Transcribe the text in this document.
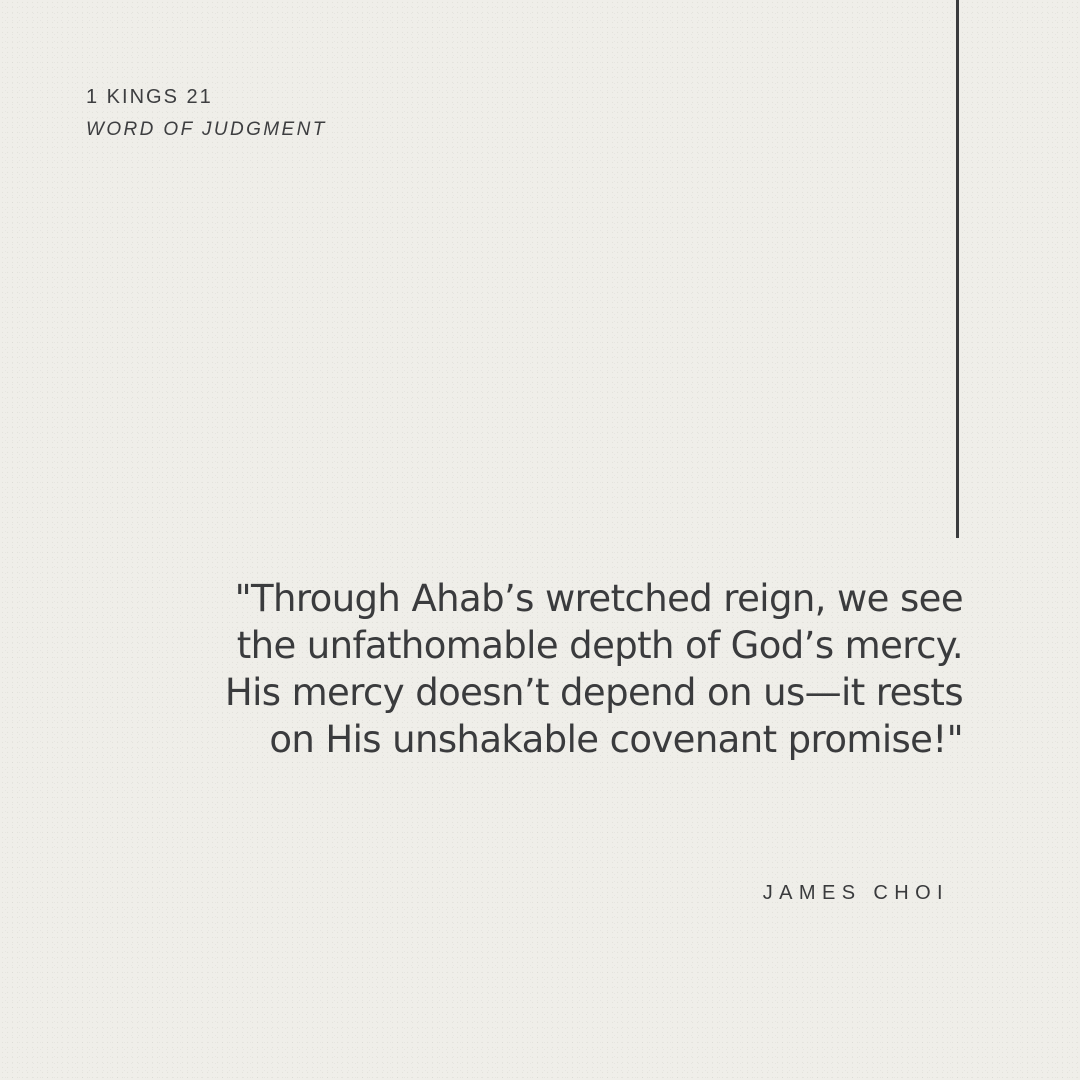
1 KINGS 21
WORD OF JUDGMENT

"Through Ahab’s wretched reign, we see
the unfathomable depth of God’s mercy.
His mercy doesn’t depend on us—it rests
on His unshakable covenant promise!"

JAMES CHOI
